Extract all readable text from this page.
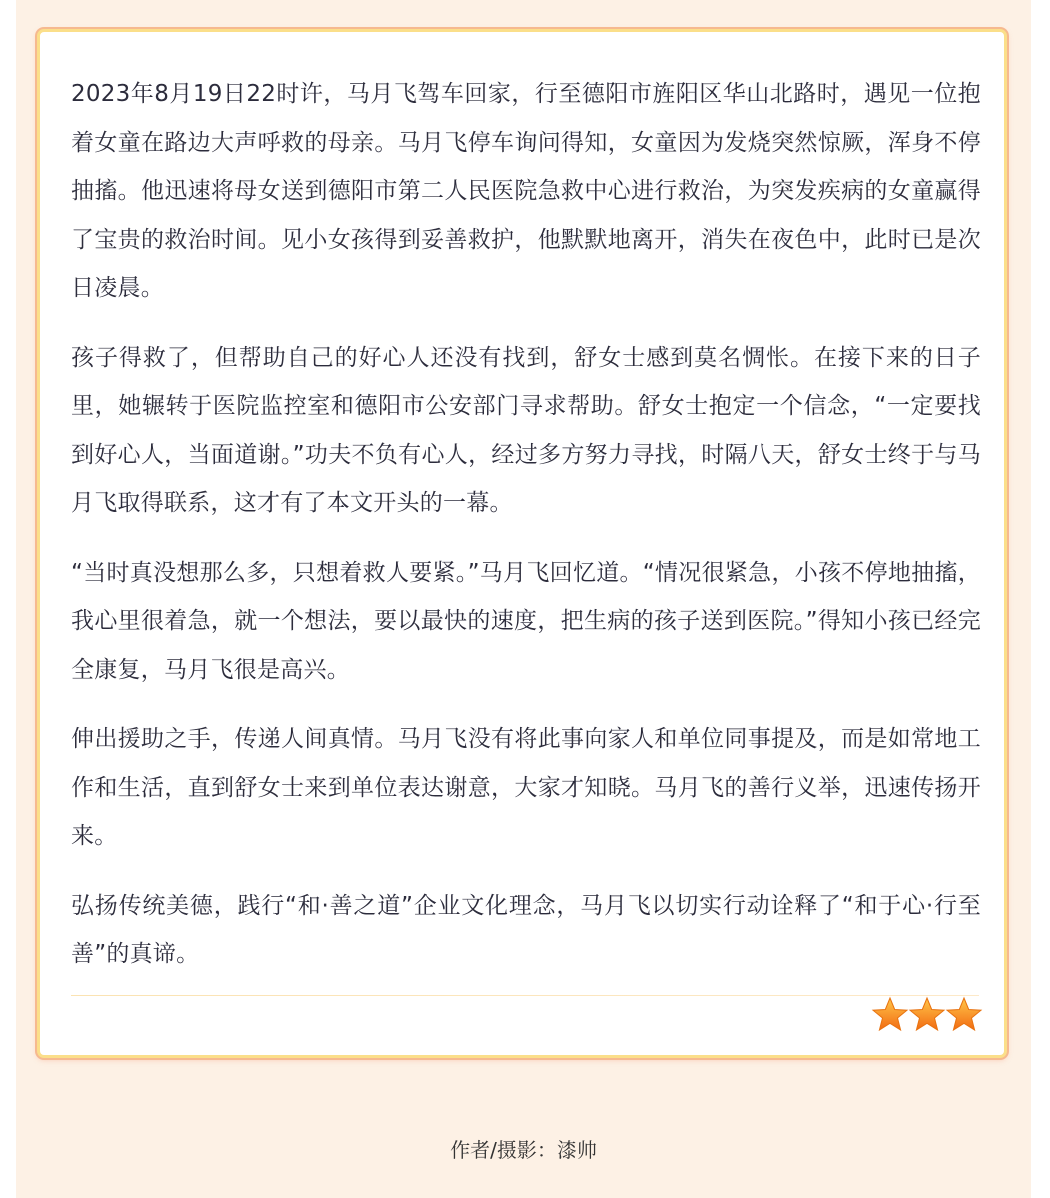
2023年8月19日22时许，马月飞驾车回家，行至德阳市旌阳区华山北路时，遇见一位抱着女童在路边大声呼救的母亲。马月飞停车询问得知，女童因为发烧突然惊厥，浑身不停抽搐。他迅速将母女送到德阳市第二人民医院急救中心进行救治，为突发疾病的女童赢得了宝贵的救治时间。见小女孩得到妥善救护，他默默地离开，消失在夜色中，此时已是次日凌晨。

孩子得救了，但帮助自己的好心人还没有找到，舒女士感到莫名惆怅。在接下来的日子里，她辗转于医院监控室和德阳市公安部门寻求帮助。舒女士抱定一个信念，“一定要找到好心人，当面道谢。”功夫不负有心人，经过多方努力寻找，时隔八天，舒女士终于与马月飞取得联系，这才有了本文开头的一幕。

“当时真没想那么多，只想着救人要紧。”马月飞回忆道。“情况很紧急，小孩不停地抽搐，我心里很着急，就一个想法，要以最快的速度，把生病的孩子送到医院。”得知小孩已经完全康复，马月飞很是高兴。

伸出援助之手，传递人间真情。马月飞没有将此事向家人和单位同事提及，而是如常地工作和生活，直到舒女士来到单位表达谢意，大家才知晓。马月飞的善行义举，迅速传扬开来。

弘扬传统美德，践行“和·善之道”企业文化理念，马月飞以切实行动诠释了“和于心·行至善”的真谛。

作者/摄影：漆帅
